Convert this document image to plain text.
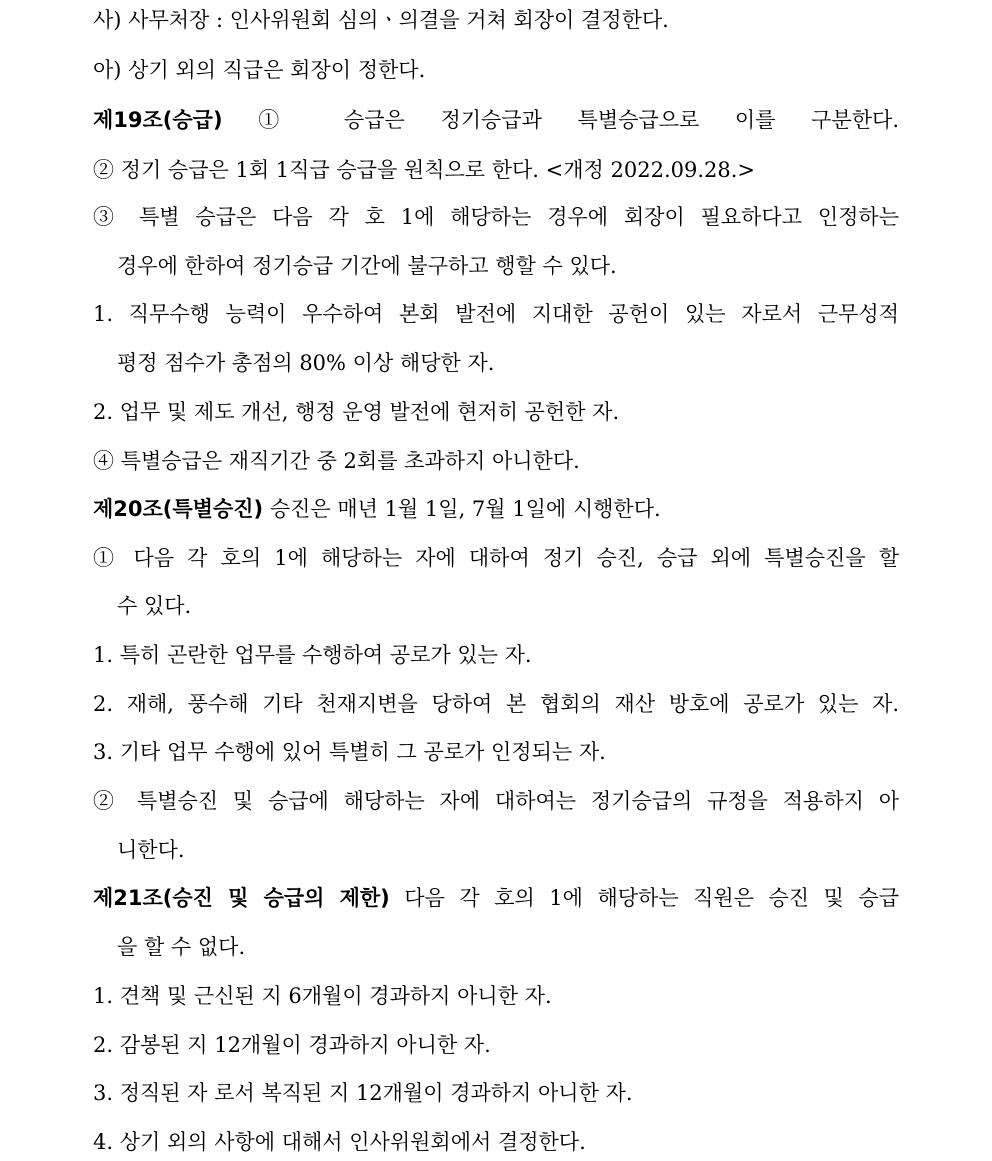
사) 사무처장 : 인사위원회 심의ㆍ의결을 거쳐 회장이 결정한다.
아) 상기 외의 직급은 회장이 정한다.
제19조(승급) ① 승급은 정기승급과 특별승급으로 이를 구분한다.
② 정기 승급은 1회 1직급 승급을 원칙으로 한다. <개정 2022.09.28.>
③ 특별 승급은 다음 각 호 1에 해당하는 경우에 회장이 필요하다고 인정하는
경우에 한하여 정기승급 기간에 불구하고 행할 수 있다.
1. 직무수행 능력이 우수하여 본회 발전에 지대한 공헌이 있는 자로서 근무성적
평정 점수가 총점의 80% 이상 해당한 자.
2. 업무 및 제도 개선, 행정 운영 발전에 현저히 공헌한 자.
④ 특별승급은 재직기간 중 2회를 초과하지 아니한다.
제20조(특별승진) 승진은 매년 1월 1일, 7월 1일에 시행한다.
① 다음 각 호의 1에 해당하는 자에 대하여 정기 승진, 승급 외에 특별승진을 할
수 있다.
1. 특히 곤란한 업무를 수행하여 공로가 있는 자.
2. 재해, 풍수해 기타 천재지변을 당하여 본 협회의 재산 방호에 공로가 있는 자.
3. 기타 업무 수행에 있어 특별히 그 공로가 인정되는 자.
② 특별승진 및 승급에 해당하는 자에 대하여는 정기승급의 규정을 적용하지 아
니한다.
제21조(승진 및 승급의 제한) 다음 각 호의 1에 해당하는 직원은 승진 및 승급
을 할 수 없다.
1. 견책 및 근신된 지 6개월이 경과하지 아니한 자.
2. 감봉된 지 12개월이 경과하지 아니한 자.
3. 정직된 자 로서 복직된 지 12개월이 경과하지 아니한 자.
4. 상기 외의 사항에 대해서 인사위원회에서 결정한다.
